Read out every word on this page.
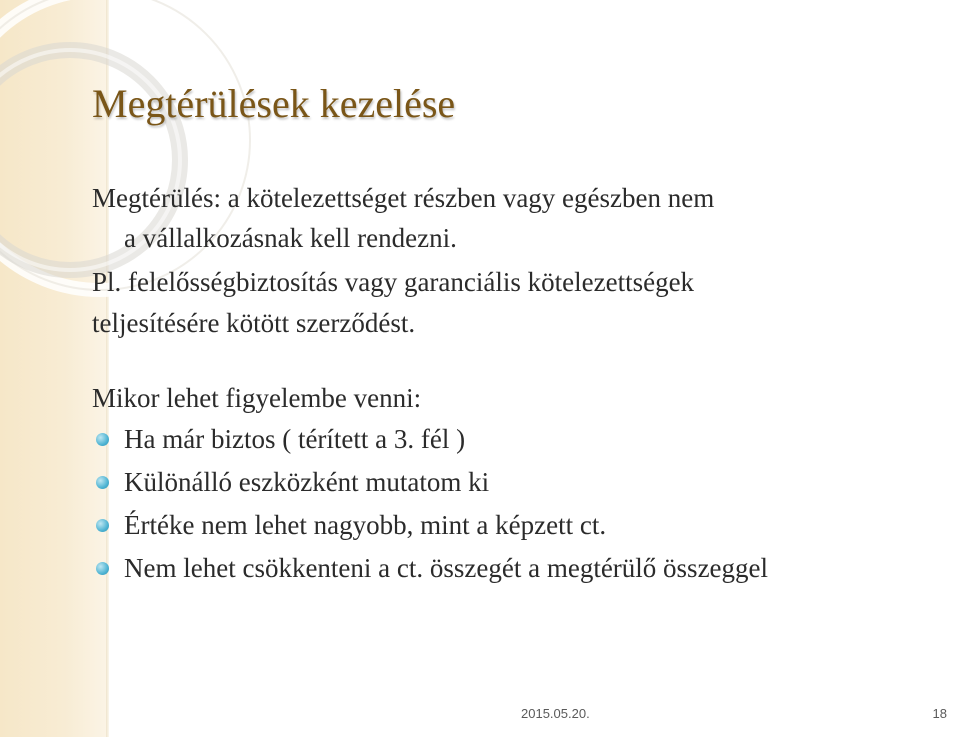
Megtérülések kezelése

Megtérülés: a kötelezettséget részben vagy egészben nem

a vállalkozásnak kell rendezni.

Pl. felelősségbiztosítás vagy garanciális kötelezettségek

teljesítésére kötött szerződést.

Mikor lehet figyelembe venni:

Ha már biztos ( térített a 3. fél )
Különálló eszközként mutatom ki
Értéke nem lehet nagyobb, mint a képzett ct.
Nem lehet csökkenteni a ct. összegét a megtérülő összeggel
2015.05.20.	18
